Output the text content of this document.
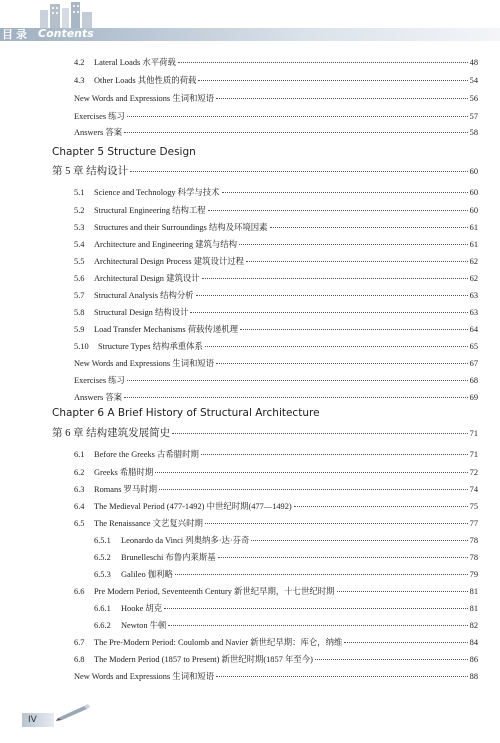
目录 Contents
4.2	Lateral Loads 水平荷载	48
4.3	Other Loads 其他性质的荷载	54
New Words and Expressions 生词和短语	56
Exercises 练习	57
Answers 答案	58
Chapter 5 Structure Design
第 5 章 结构设计	60
5.1	Science and Technology 科学与技术	60
5.2	Structural Engineering 结构工程	60
5.3	Structures and their Surroundings 结构及环境因素	61
5.4	Architecture and Engineering 建筑与结构	61
5.5	Architectural Design Process 建筑设计过程	62
5.6	Architectural Design 建筑设计	62
5.7	Structural Analysis 结构分析	63
5.8	Structural Design 结构设计	63
5.9	Load Transfer Mechanisms 荷载传递机理	64
5.10	Structure Types 结构承重体系	65
New Words and Expressions 生词和短语	67
Exercises 练习	68
Answers 答案	69
Chapter 6 A Brief History of Structural Architecture
第 6 章 结构建筑发展简史	71
6.1	Before the Greeks 古希腊时期	71
6.2	Greeks 希腊时期	72
6.3	Romans 罗马时期	74
6.4	The Medieval Period (477-1492) 中世纪时期(477—1492)	75
6.5	The Renaissance 文艺复兴时期	77
6.5.1	Leonardo da Vinci 列奥纳多·达·芬奇	78
6.5.2	Brunelleschi 布鲁内莱斯基	78
6.5.3	Galileo 伽利略	79
6.6	Pre Modern Period, Seventeenth Century 新世纪早期，十七世纪时期	81
6.6.1	Hooke 胡克	81
6.6.2	Newton 牛顿	82
6.7	The Pre-Modern Period: Coulomb and Navier 新世纪早期：库仑，纳维	84
6.8	The Modern Period (1857 to Present) 新世纪时期(1857 年至今)	86
New Words and Expressions 生词和短语	88
IV
